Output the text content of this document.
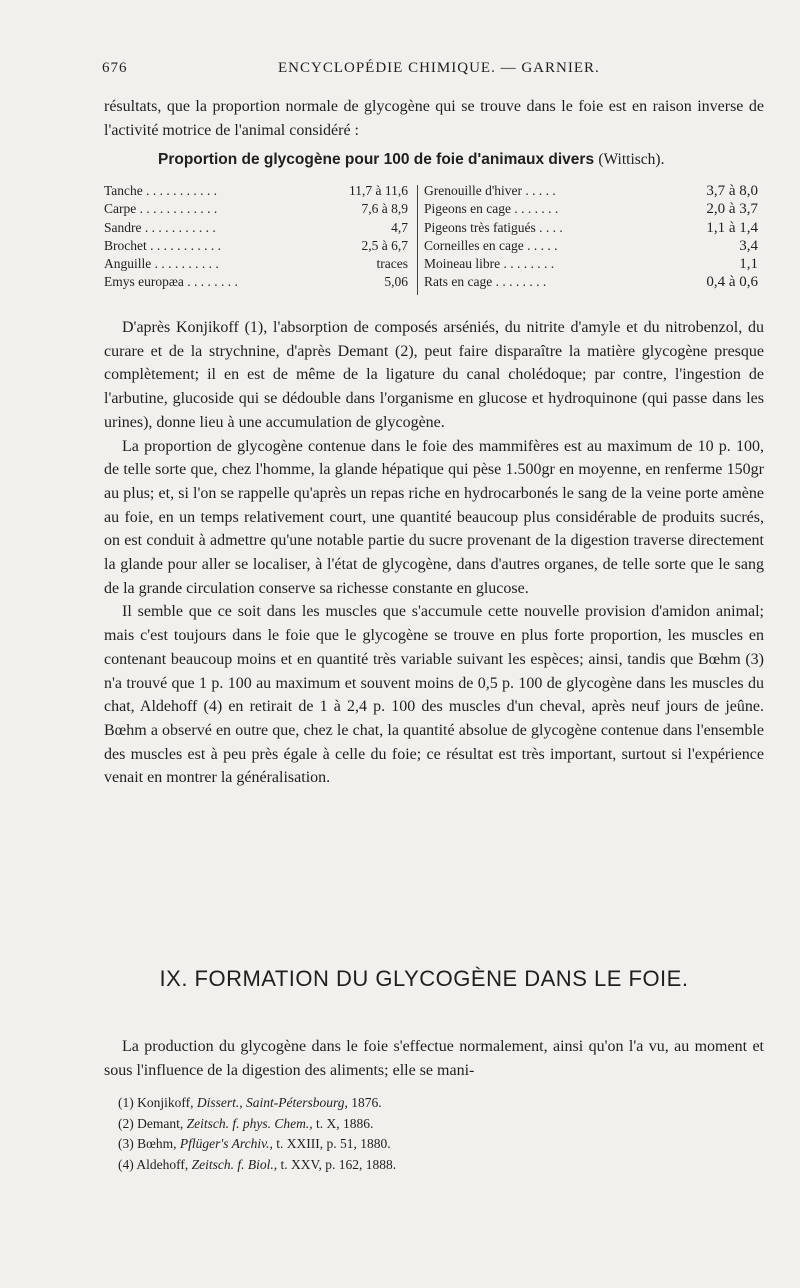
676	ENCYCLOPÉDIE CHIMIQUE. — GARNIER.

résultats, que la proportion normale de glycogène qui se trouve dans le foie est en raison inverse de l'activité motrice de l'animal considéré :

Proportion de glycogène pour 100 de foie d'animaux divers (Wittisch).
Tanche . . . . . . . . . . .	11,7 à 11,6
Carpe . . . . . . . . . . . .	7,6 à 8,9
Sandre . . . . . . . . . . .	4,7
Brochet . . . . . . . . . . .	2,5 à 6,7
Anguille . . . . . . . . . .	traces
Emys europæa . . . . . . . .	5,06
Grenouille d'hiver . . . . .	3,7 à 8,0
Pigeons en cage . . . . . . .	2,0 à 3,7
Pigeons très fatigués . . . .	1,1 à 1,4
Corneilles en cage . . . . .	3,4
Moineau libre . . . . . . . .	1,1
Rats en cage . . . . . . . .	0,4 à 0,6

D'après Konjikoff (1), l'absorption de composés arséniés, du nitrite d'amyle et du nitrobenzol, du curare et de la strychnine, d'après Demant (2), peut faire disparaître la matière glycogène presque complètement; il en est de même de la ligature du canal cholédoque; par contre, l'ingestion de l'arbutine, glucoside qui se dédouble dans l'organisme en glucose et hydroquinone (qui passe dans les urines), donne lieu à une accumulation de glycogène.

La proportion de glycogène contenue dans le foie des mammifères est au maximum de 10 p. 100, de telle sorte que, chez l'homme, la glande hépatique qui pèse 1.500gr en moyenne, en renferme 150gr au plus; et, si l'on se rappelle qu'après un repas riche en hydrocarbonés le sang de la veine porte amène au foie, en un temps relativement court, une quantité beaucoup plus considérable de produits sucrés, on est conduit à admettre qu'une notable partie du sucre provenant de la digestion traverse directement la glande pour aller se localiser, à l'état de glycogène, dans d'autres organes, de telle sorte que le sang de la grande circulation conserve sa richesse constante en glucose.

Il semble que ce soit dans les muscles que s'accumule cette nouvelle provision d'amidon animal; mais c'est toujours dans le foie que le glycogène se trouve en plus forte proportion, les muscles en contenant beaucoup moins et en quantité très variable suivant les espèces; ainsi, tandis que Bœhm (3) n'a trouvé que 1 p. 100 au maximum et souvent moins de 0,5 p. 100 de glycogène dans les muscles du chat, Aldehoff (4) en retirait de 1 à 2,4 p. 100 des muscles d'un cheval, après neuf jours de jeûne. Bœhm a observé en outre que, chez le chat, la quantité absolue de glycogène contenue dans l'ensemble des muscles est à peu près égale à celle du foie; ce résultat est très important, surtout si l'expérience venait en montrer la généralisation.

IX. FORMATION DU GLYCOGÈNE DANS LE FOIE.

La production du glycogène dans le foie s'effectue normalement, ainsi qu'on l'a vu, au moment et sous l'influence de la digestion des aliments; elle se mani-

(1) Konjikoff, Dissert., Saint-Pétersbourg, 1876.
(2) Demant, Zeitsch. f. phys. Chem., t. X, 1886.
(3) Bœhm, Pflüger's Archiv., t. XXIII, p. 51, 1880.
(4) Aldehoff, Zeitsch. f. Biol., t. XXV, p. 162, 1888.
